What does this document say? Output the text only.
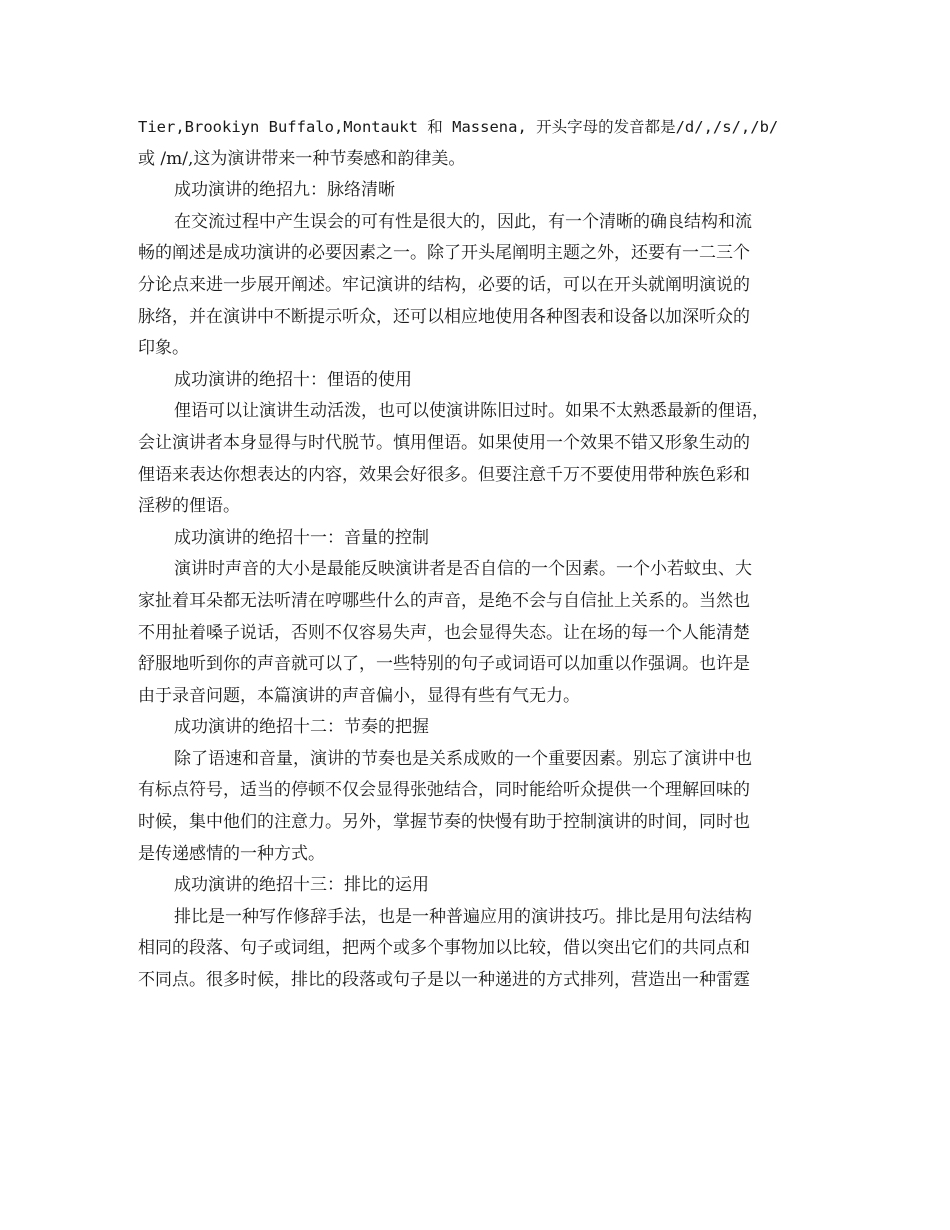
Tier,Brookiyn Buffalo,Montaukt 和 Massena, 开头字母的发音都是/d/,/s/,/b/
或 /m/,这为演讲带来一种节奏感和韵律美。
成功演讲的绝招九：脉络清晰
在交流过程中产生误会的可有性是很大的，因此，有一个清晰的确良结构和流
畅的阐述是成功演讲的必要因素之一。除了开头尾阐明主题之外，还要有一二三个
分论点来进一步展开阐述。牢记演讲的结构，必要的话，可以在开头就阐明演说的
脉络，并在演讲中不断提示听众，还可以相应地使用各种图表和设备以加深听众的
印象。
成功演讲的绝招十：俚语的使用
俚语可以让演讲生动活泼，也可以使演讲陈旧过时。如果不太熟悉最新的俚语，
会让演讲者本身显得与时代脱节。慎用俚语。如果使用一个效果不错又形象生动的
俚语来表达你想表达的内容，效果会好很多。但要注意千万不要使用带种族色彩和
淫秽的俚语。
成功演讲的绝招十一：音量的控制
演讲时声音的大小是最能反映演讲者是否自信的一个因素。一个小若蚊虫、大
家扯着耳朵都无法听清在哼哪些什么的声音，是绝不会与自信扯上关系的。当然也
不用扯着嗓子说话，否则不仅容易失声，也会显得失态。让在场的每一个人能清楚
舒服地听到你的声音就可以了，一些特别的句子或词语可以加重以作强调。也许是
由于录音问题，本篇演讲的声音偏小，显得有些有气无力。
成功演讲的绝招十二：节奏的把握
除了语速和音量，演讲的节奏也是关系成败的一个重要因素。别忘了演讲中也
有标点符号，适当的停顿不仅会显得张弛结合，同时能给听众提供一个理解回味的
时候，集中他们的注意力。另外，掌握节奏的快慢有助于控制演讲的时间，同时也
是传递感情的一种方式。
成功演讲的绝招十三：排比的运用
排比是一种写作修辞手法，也是一种普遍应用的演讲技巧。排比是用句法结构
相同的段落、句子或词组，把两个或多个事物加以比较，借以突出它们的共同点和
不同点。很多时候，排比的段落或句子是以一种递进的方式排列，营造出一种雷霆
